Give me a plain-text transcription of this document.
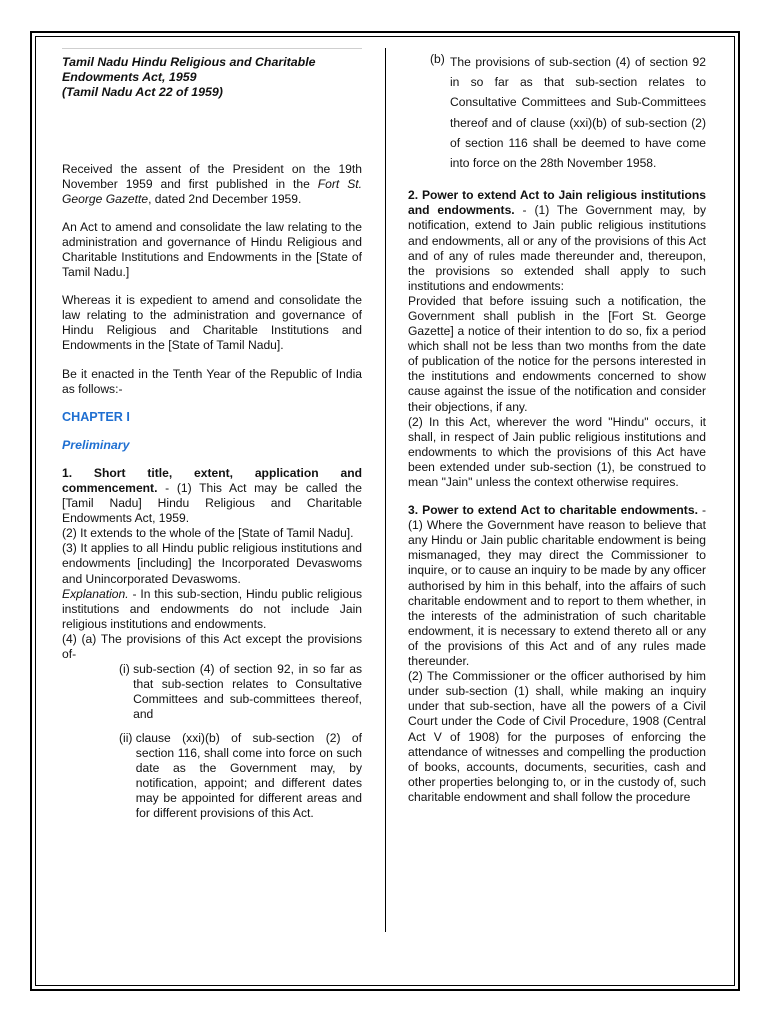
Tamil Nadu Hindu Religious and Charitable Endowments Act, 1959

(Tamil Nadu Act 22 of 1959)

Received the assent of the President on the 19th November 1959 and first published in the Fort St. George Gazette, dated 2nd December 1959.

An Act to amend and consolidate the law relating to the administration and governance of Hindu Religious and Charitable Institutions and Endowments in the [State of Tamil Nadu.]

Whereas it is expedient to amend and consolidate the law relating to the administration and governance of Hindu Religious and Charitable Institutions and Endowments in the [State of Tamil Nadu].

Be it enacted in the Tenth Year of the Republic of India as follows:-

CHAPTER I

Preliminary

1. Short title, extent, application and commencement. - (1) This Act may be called the [Tamil Nadu] Hindu Religious and Charitable Endowments Act, 1959.

(2) It extends to the whole of the [State of Tamil Nadu].

(3) It applies to all Hindu public religious institutions and endowments [including] the Incorporated Devaswoms and Unincorporated Devaswoms.

Explanation. - In this sub-section, Hindu public religious institutions and endowments do not include Jain religious institutions and endowments.

(4) (a) The provisions of this Act except the provisions of-

(i) sub-section (4) of section 92, in so far as that sub-section relates to Consultative Committees and sub-committees thereof, and
(ii) clause (xxi)(b) of sub-section (2) of section 116, shall come into force on such date as the Government may, by notification, appoint; and different dates may be appointed for different areas and for different provisions of this Act.
(b) The provisions of sub-section (4) of section 92 in so far as that sub-section relates to Consultative Committees and Sub-Committees thereof and of clause (xxi)(b) of sub-section (2) of section 116 shall be deemed to have come into force on the 28th November 1958.

2. Power to extend Act to Jain religious institutions and endowments. - (1) The Government may, by notification, extend to Jain public religious institutions and endowments, all or any of the provisions of this Act and of any of rules made thereunder and, thereupon, the provisions so extended shall apply to such institutions and endowments:

Provided that before issuing such a notification, the Government shall publish in the [Fort St. George Gazette] a notice of their intention to do so, fix a period which shall not be less than two months from the date of publication of the notice for the persons interested in the institutions and endowments concerned to show cause against the issue of the notification and consider their objections, if any.

(2) In this Act, wherever the word "Hindu" occurs, it shall, in respect of Jain public religious institutions and endowments to which the provisions of this Act have been extended under sub-section (1), be construed to mean "Jain" unless the context otherwise requires.

3. Power to extend Act to charitable endowments. - (1) Where the Government have reason to believe that any Hindu or Jain public charitable endowment is being mismanaged, they may direct the Commissioner to inquire, or to cause an inquiry to be made by any officer authorised by him in this behalf, into the affairs of such charitable endowment and to report to them whether, in the interests of the administration of such charitable endowment, it is necessary to extend thereto all or any of the provisions of this Act and of any rules made thereunder.

(2) The Commissioner or the officer authorised by him under sub-section (1) shall, while making an inquiry under that sub-section, have all the powers of a Civil Court under the Code of Civil Procedure, 1908 (Central Act V of 1908) for the purposes of enforcing the attendance of witnesses and compelling the production of books, accounts, documents, securities, cash and other properties belonging to, or in the custody of, such charitable endowment and shall follow the procedure
